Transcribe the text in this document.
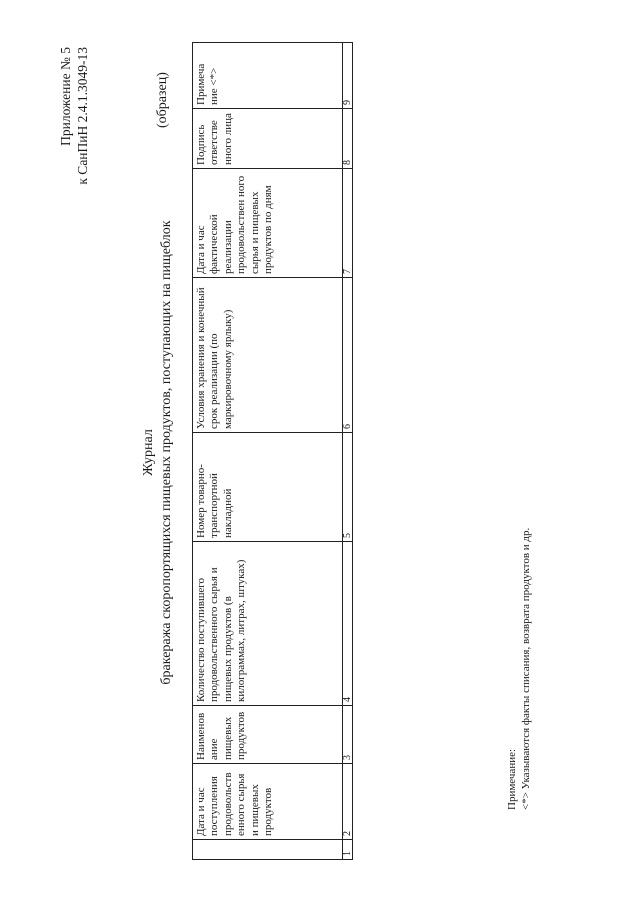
Приложение № 5 к СанПиН 2.4.1.3049-13	(образец)
Журнал бракеража скоропортящихся пищевых продуктов, поступающих на пищеблок
	Дата и час поступления продовольств енного сырья и пищевых продуктов	Наименов ание пищевых продуктов	Количество поступившего продовольственного сырья и пищевых продуктов (в килограммах, литрах, штуках)	Номер товарно-транспортной накладной	Условия хранения и конечный срок реализации (по маркировочному ярлыку)	Дата и час фактической реализации продовольствен ного сырья и пищевых продуктов по дням	Подпись ответстве нного лица	Примеча ние <*>
1	2	3	4	5	6	7	8	9
Примечание: <*> Указываются факты списания, возврата продуктов и др.
